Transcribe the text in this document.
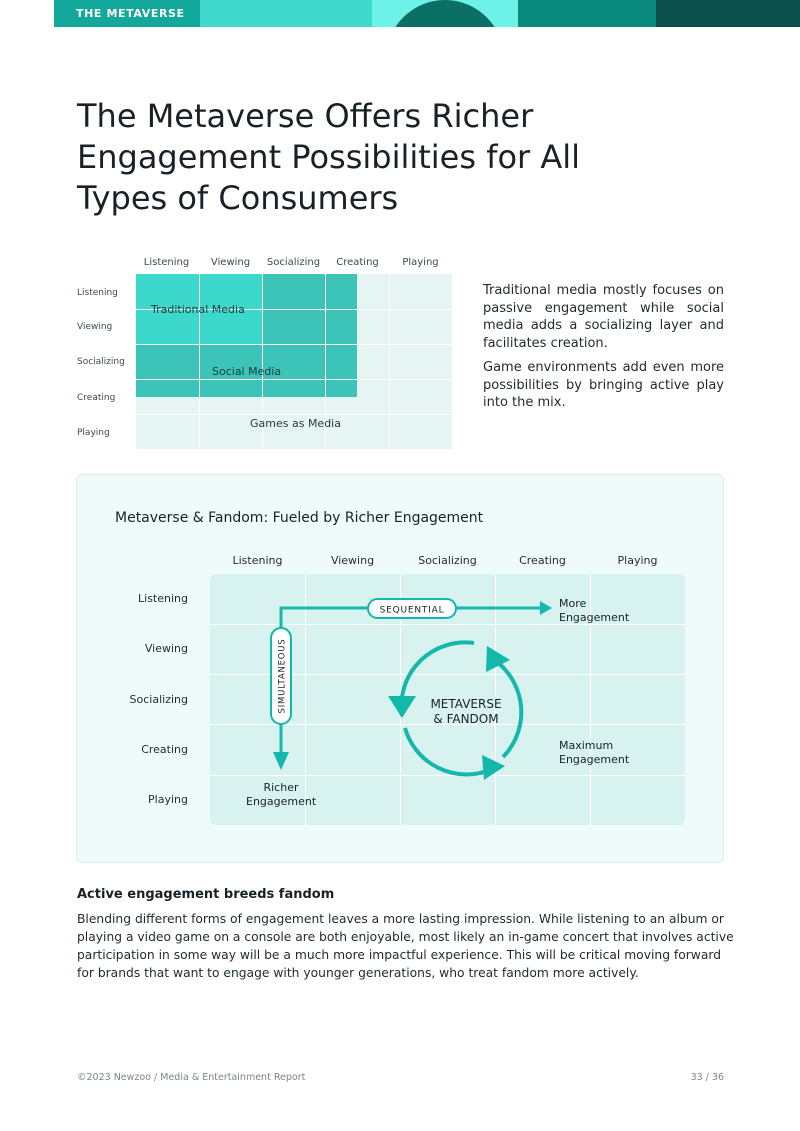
THE METAVERSE
The Metaverse Offers Richer Engagement Possibilities for All Types of Consumers
Listening	Viewing	Socializing	Creating	Playing
Listening
Viewing
Socializing
Creating
Playing
Traditional Media
Social Media
Games as Media

Traditional media mostly focuses on passive engagement while social media adds a socializing layer and facilitates creation.

Game environments add even more possibilities by bringing active play into the mix.

Metaverse & Fandom: Fueled by Richer Engagement
Listening	Viewing	Socializing	Creating	Playing
Listening
Viewing
Socializing
Creating
Playing
SEQUENTIAL
SIMULTANEOUS	METAVERSE
& FANDOM
More
Engagement
Richer
Engagement
Maximum
Engagement
Active engagement breeds fandom

Blending different forms of engagement leaves a more lasting impression. While listening to an album or playing a video game on a console are both enjoyable, most likely an in-game concert that involves active participation in some way will be a much more impactful experience. This will be critical moving forward for brands that want to engage with younger generations, who treat fandom more actively.

©2023 Newzoo / Media & Entertainment Report	33 / 36
